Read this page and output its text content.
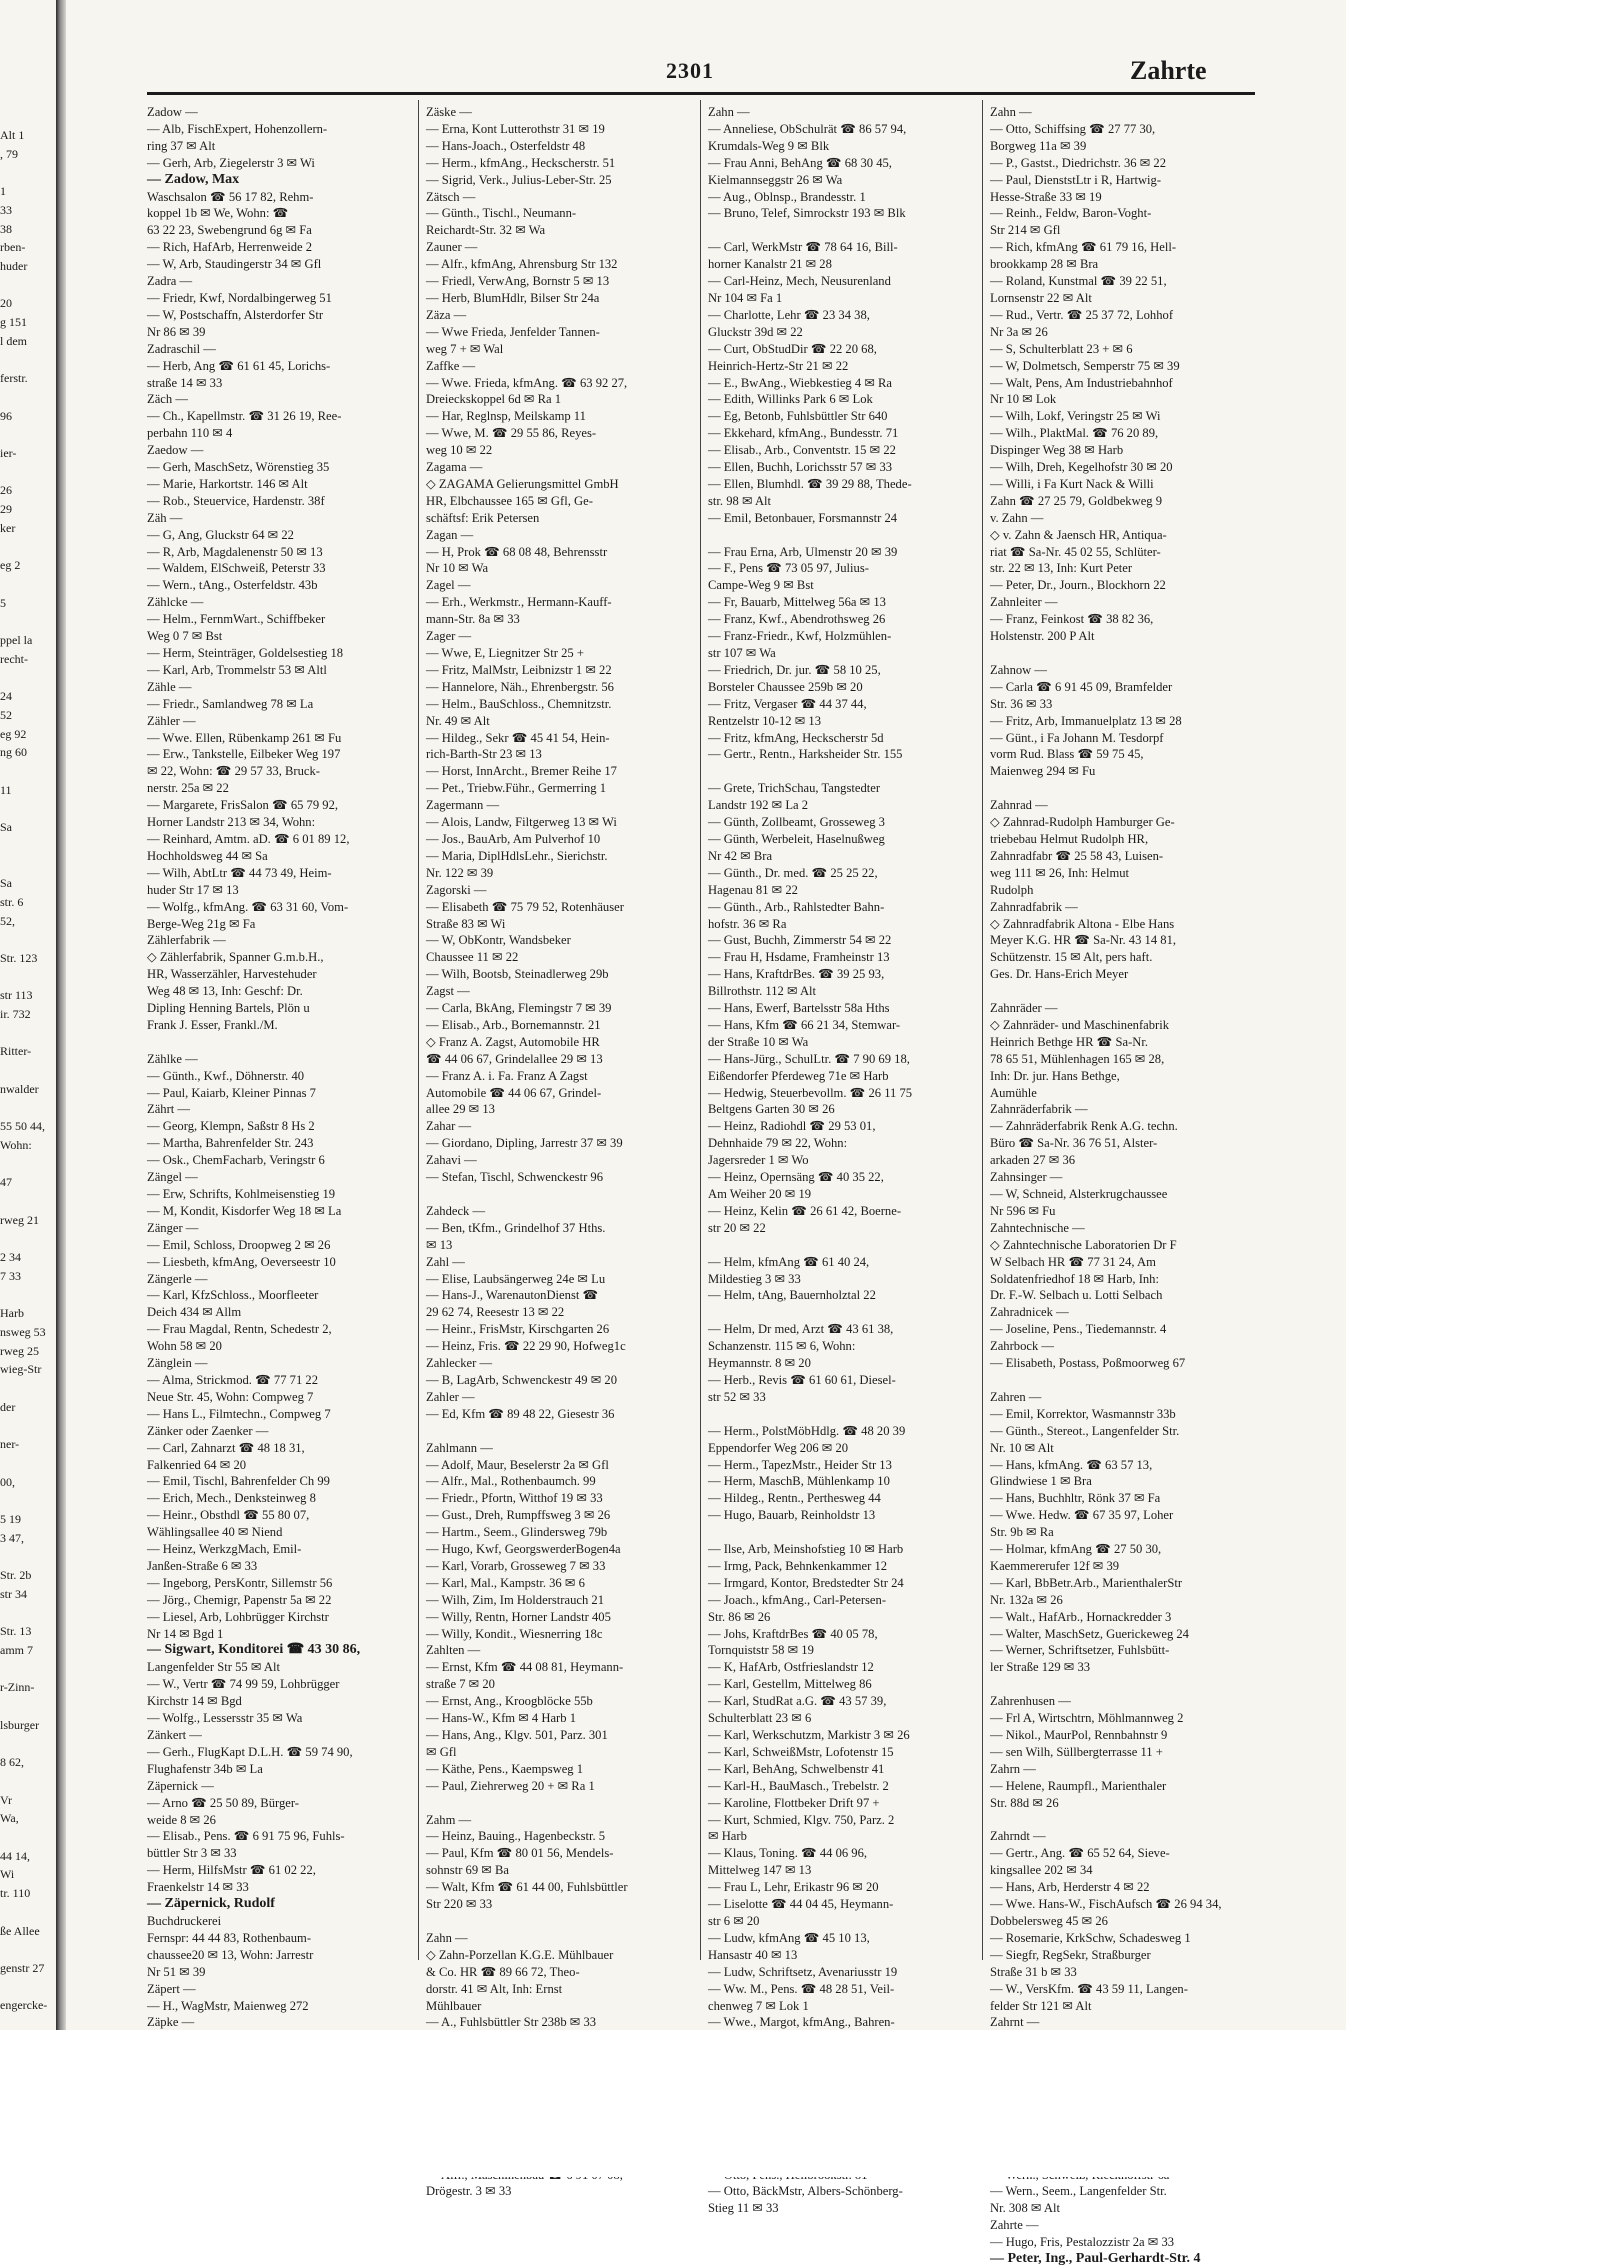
Alt 1
, 79

1
33
38
rben-
huder

20
g 151
l dem

ferstr.

96

ier-

26
29
ker

eg 2

5

ppel la
recht-

24
52
eg 92
ng 60

11

Sa

Sa
str. 6
52,

Str. 123

str 113
ir. 732

Ritter-

nwalder

55 50 44,
Wohn:

47

rweg 21

2 34
7 33

Harb
nsweg 53
rweg 25
wieg-Str

der

ner-

00,

5 19
3 47,

Str. 2b
str 34

Str. 13
amm 7

r-Zinn-

lsburger

8 62,

Vr
Wa,

44 14,
Wi
tr. 110

ße Allee

genstr 27

engercke-

2301	Zahrte
Zadow —
— Alb, FischExpert, Hohenzollern-
ring 37 ✉ Alt
— Gerh, Arb, Ziegelerstr 3 ✉ Wi
— Zadow, Max
Waschsalon ☎ 56 17 82, Rehm-
koppel 1b ✉ We, Wohn: ☎
63 22 23, Swebengrund 6g ✉ Fa
— Rich, HafArb, Herrenweide 2
— W, Arb, Staudingerstr 34 ✉ Gfl
Zadra —
— Friedr, Kwf, Nordalbingerweg 51
— W, Postschaffn, Alsterdorfer Str
Nr 86 ✉ 39
Zadraschil —
— Herb, Ang ☎ 61 61 45, Lorichs-
straße 14 ✉ 33
Zäch —
— Ch., Kapellmstr. ☎ 31 26 19, Ree-
perbahn 110 ✉ 4
Zaedow —
— Gerh, MaschSetz, Wörenstieg 35
— Marie, Harkortstr. 146 ✉ Alt
— Rob., Steuervice, Hardenstr. 38f
Zäh —
— G, Ang, Gluckstr 64 ✉ 22
— R, Arb, Magdalenenstr 50 ✉ 13
— Waldem, ElSchweiß, Peterstr 33
— Wern., tAng., Osterfeldstr. 43b
Zählcke —
— Helm., FernmWart., Schiffbeker
Weg 0 7 ✉ Bst
— Herm, Steinträger, Goldelsestieg 18
— Karl, Arb, Trommelstr 53 ✉ Altl
Zähle —
— Friedr., Samlandweg 78 ✉ La
Zähler —
— Wwe. Ellen, Rübenkamp 261 ✉ Fu
— Erw., Tankstelle, Eilbeker Weg 197
✉ 22, Wohn: ☎ 29 57 33, Bruck-
nerstr. 25a ✉ 22
— Margarete, FrisSalon ☎ 65 79 92,
Horner Landstr 213 ✉ 34, Wohn:
— Reinhard, Amtm. aD. ☎ 6 01 89 12,
Hochholdsweg 44 ✉ Sa
— Wilh, AbtLtr ☎ 44 73 49, Heim-
huder Str 17 ✉ 13
— Wolfg., kfmAng. ☎ 63 31 60, Vom-
Berge-Weg 21g ✉ Fa
Zählerfabrik —
◇ Zählerfabrik, Spanner G.m.b.H.,
HR, Wasserzähler, Harvestehuder
Weg 48 ✉ 13, Inh: Geschf: Dr.
Dipling Henning Bartels, Plön u
Frank J. Esser, Frankl./M.

Zählke —
— Günth., Kwf., Döhnerstr. 40
— Paul, Kaiarb, Kleiner Pinnas 7
Zährt —
— Georg, Klempn, Saßstr 8 Hs 2
— Martha, Bahrenfelder Str. 243
— Osk., ChemFacharb, Veringstr 6
Zängel —
— Erw, Schrifts, Kohlmeisenstieg 19
— M, Kondit, Kisdorfer Weg 18 ✉ La
Zänger —
— Emil, Schloss, Droopweg 2 ✉ 26
— Liesbeth, kfmAng, Oeverseestr 10
Zängerle —
— Karl, KfzSchloss., Moorfleeter
Deich 434 ✉ Allm
— Frau Magdal, Rentn, Schedestr 2,
Wohn 58 ✉ 20
Zänglein —
— Alma, Strickmod. ☎ 77 71 22
Neue Str. 45, Wohn: Compweg 7
— Hans L., Filmtechn., Compweg 7
Zänker oder Zaenker —
— Carl, Zahnarzt ☎ 48 18 31,
Falkenried 64 ✉ 20
— Emil, Tischl, Bahrenfelder Ch 99
— Erich, Mech., Denksteinweg 8
— Heinr., Obsthdl ☎ 55 80 07,
Wählingsallee 40 ✉ Niend
— Heinz, WerkzgMach, Emil-
Janßen-Straße 6 ✉ 33
— Ingeborg, PersKontr, Sillemstr 56
— Jörg., Chemigr, Papenstr 5a ✉ 22
— Liesel, Arb, Lohbrügger Kirchstr
Nr 14 ✉ Bgd 1
— Sigwart, Konditorei ☎ 43 30 86,
Langenfelder Str 55 ✉ Alt
— W., Vertr ☎ 74 99 59, Lohbrügger
Kirchstr 14 ✉ Bgd
— Wolfg., Lessersstr 35 ✉ Wa
Zänkert —
— Gerh., FlugKapt D.L.H. ☎ 59 74 90,
Flughafenstr 34b ✉ La
Zäpernick —
— Arno ☎ 25 50 89, Bürger-
weide 8 ✉ 26
— Elisab., Pens. ☎ 6 91 75 96, Fuhls-
büttler Str 3 ✉ 33
— Herm, HilfsMstr ☎ 61 02 22,
Fraenkelstr 14 ✉ 33
— Zäpernick, Rudolf
Buchdruckerei
Fernspr: 44 44 83, Rothenbaum-
chaussee20 ✉ 13, Wohn: Jarrestr
Nr 51 ✉ 39
Zäpert —
— H., WagMstr, Maienweg 272
Zäpke —
Zäske —
— Erna, Kont Lutterothstr 31 ✉ 19
— Hans-Joach., Osterfeldstr 48
— Herm., kfmAng., Heckscherstr. 51
— Sigrid, Verk., Julius-Leber-Str. 25
Zätsch —
— Günth., Tischl., Neumann-
Reichardt-Str. 32 ✉ Wa
Zauner —
— Alfr., kfmAng, Ahrensburg Str 132
— Friedl, VerwAng, Bornstr 5 ✉ 13
— Herb, BlumHdlr, Bilser Str 24a
Zäza —
— Wwe Frieda, Jenfelder Tannen-
weg 7 + ✉ Wal
Zaffke —
— Wwe. Frieda, kfmAng. ☎ 63 92 27,
Dreieckskoppel 6d ✉ Ra 1
— Har, Reglnsp, Meilskamp 11
— Wwe, M. ☎ 29 55 86, Reyes-
weg 10 ✉ 22
Zagama —
◇ ZAGAMA Gelierungsmittel GmbH
HR, Elbchaussee 165 ✉ Gfl, Ge-
schäftsf: Erik Petersen
Zagan —
— H, Prok ☎ 68 08 48, Behrensstr
Nr 10 ✉ Wa
Zagel —
— Erh., Werkmstr., Hermann-Kauff-
mann-Str. 8a ✉ 33
Zager —
— Wwe, E, Liegnitzer Str 25 +
— Fritz, MalMstr, Leibnizstr 1 ✉ 22
— Hannelore, Näh., Ehrenbergstr. 56
— Helm., BauSchloss., Chemnitzstr.
Nr. 49 ✉ Alt
— Hildeg., Sekr ☎ 45 41 54, Hein-
rich-Barth-Str 23 ✉ 13
— Horst, InnArcht., Bremer Reihe 17
— Pet., Triebw.Führ., Germerring 1
Zagermann —
— Alois, Landw, Filtgerweg 13 ✉ Wi
— Jos., BauArb, Am Pulverhof 10
— Maria, DiplHdlsLehr., Sierichstr.
Nr. 122 ✉ 39
Zagorski —
— Elisabeth ☎ 75 79 52, Rotenhäuser
Straße 83 ✉ Wi
— W, ObKontr, Wandsbeker
Chaussee 11 ✉ 22
— Wilh, Bootsb, Steinadlerweg 29b
Zagst —
— Carla, BkAng, Flemingstr 7 ✉ 39
— Elisab., Arb., Bornemannstr. 21
◇ Franz A. Zagst, Automobile HR
☎ 44 06 67, Grindelallee 29 ✉ 13
— Franz A. i. Fa. Franz A Zagst
Automobile ☎ 44 06 67, Grindel-
allee 29 ✉ 13
Zahar —
— Giordano, Dipling, Jarrestr 37 ✉ 39
Zahavi —
— Stefan, Tischl, Schwenckestr 96

Zahdeck —
— Ben, tKfm., Grindelhof 37 Hths.
✉ 13
Zahl —
— Elise, Laubsängerweg 24e ✉ Lu
— Hans-J., WarenautonDienst ☎
29 62 74, Reesestr 13 ✉ 22
— Heinr., FrisMstr, Kirschgarten 26
— Heinz, Fris. ☎ 22 29 90, Hofweg1c
Zahlecker —
— B, LagArb, Schwenckestr 49 ✉ 20
Zahler —
— Ed, Kfm ☎ 89 48 22, Giesestr 36

Zahlmann —
— Adolf, Maur, Beselerstr 2a ✉ Gfl
— Alfr., Mal., Rothenbaumch. 99
— Friedr., Pfortn, Witthof 19 ✉ 33
— Gust., Dreh, Rumpffsweg 3 ✉ 26
— Hartm., Seem., Glindersweg 79b
— Hugo, Kwf, GeorgswerderBogen4a
— Karl, Vorarb, Grosseweg 7 ✉ 33
— Karl, Mal., Kampstr. 36 ✉ 6
— Wilh, Zim, Im Holderstrauch 21
— Willy, Rentn, Horner Landstr 405
— Willy, Kondit., Wiesnerring 18c
Zahlten —
— Ernst, Kfm ☎ 44 08 81, Heymann-
straße 7 ✉ 20
— Ernst, Ang., Kroogblöcke 55b
— Hans-W., Kfm ✉ 4 Harb 1
— Hans, Ang., Klgv. 501, Parz. 301
✉ Gfl
— Käthe, Pens., Kaempsweg 1
— Paul, Ziehrerweg 20 + ✉ Ra 1

Zahm —
— Heinz, Bauing., Hagenbeckstr. 5
— Paul, Kfm ☎ 80 01 56, Mendels-
sohnstr 69 ✉ Ba
— Walt, Kfm ☎ 61 44 00, Fuhlsbüttler
Str 220 ✉ 33

Zahn —
◇ Zahn-Porzellan K.G.E. Mühlbauer
& Co. HR ☎ 89 66 72, Theo-
dorstr. 41 ✉ Alt, Inh: Ernst
Mühlbauer
— A., Fuhlsbüttler Str 238b ✉ 33
Drögestr. 3 ✉ 33
Zahn —
— Anneliese, ObSchulrät ☎ 86 57 94,
Krumdals-Weg 9 ✉ Blk
— Frau Anni, BehAng ☎ 68 30 45,
Kielmannseggstr 26 ✉ Wa
— Aug., Oblnsp., Brandesstr. 1
— Bruno, Telef, Simrockstr 193 ✉ Blk

— Carl, WerkMstr ☎ 78 64 16, Bill-
horner Kanalstr 21 ✉ 28
— Carl-Heinz, Mech, Neusurenland
Nr 104 ✉ Fa 1
— Charlotte, Lehr ☎ 23 34 38,
Gluckstr 39d ✉ 22
— Curt, ObStudDir ☎ 22 20 68,
Heinrich-Hertz-Str 21 ✉ 22
— E., BwAng., Wiebkestieg 4 ✉ Ra
— Edith, Willinks Park 6 ✉ Lok
— Eg, Betonb, Fuhlsbüttler Str 640
— Ekkehard, kfmAng., Bundesstr. 71
— Elisab., Arb., Conventstr. 15 ✉ 22
— Ellen, Buchh, Lorichsstr 57 ✉ 33
— Ellen, Blumhdl. ☎ 39 29 88, Thede-
str. 98 ✉ Alt
— Emil, Betonbauer, Forsmannstr 24

— Frau Erna, Arb, Ulmenstr 20 ✉ 39
— F., Pens ☎ 73 05 97, Julius-
Campe-Weg 9 ✉ Bst
— Fr, Bauarb, Mittelweg 56a ✉ 13
— Franz, Kwf., Abendrothsweg 26
— Franz-Friedr., Kwf, Holzmühlen-
str 107 ✉ Wa
— Friedrich, Dr. jur. ☎ 58 10 25,
Borsteler Chaussee 259b ✉ 20
— Fritz, Vergaser ☎ 44 37 44,
Rentzelstr 10-12 ✉ 13
— Fritz, kfmAng, Heckscherstr 5d
— Gertr., Rentn., Harksheider Str. 155

— Grete, TrichSchau, Tangstedter
Landstr 192 ✉ La 2
— Günth, Zollbeamt, Grosseweg 3
— Günth, Werbeleit, Haselnußweg
Nr 42 ✉ Bra
— Günth., Dr. med. ☎ 25 25 22,
Hagenau 81 ✉ 22
— Günth., Arb., Rahlstedter Bahn-
hofstr. 36 ✉ Ra
— Gust, Buchh, Zimmerstr 54 ✉ 22
— Frau H, Hsdame, Framheinstr 13
— Hans, KraftdrBes. ☎ 39 25 93,
Billrothstr. 112 ✉ Alt
— Hans, Ewerf, Bartelsstr 58a Hths
— Hans, Kfm ☎ 66 21 34, Stemwar-
der Straße 10 ✉ Wa
— Hans-Jürg., SchulLtr. ☎ 7 90 69 18,
Eißendorfer Pferdeweg 71e ✉ Harb
— Hedwig, Steuerbevollm. ☎ 26 11 75
Beltgens Garten 30 ✉ 26
— Heinz, Radiohdl ☎ 29 53 01,
Dehnhaide 79 ✉ 22, Wohn:
Jagersreder 1 ✉ Wo
— Heinz, Opernsäng ☎ 40 35 22,
Am Weiher 20 ✉ 19
— Heinz, Kelin ☎ 26 61 42, Boerne-
str 20 ✉ 22

— Helm, kfmAng ☎ 61 40 24,
Mildestieg 3 ✉ 33
— Helm, tAng, Bauernholztal 22

— Helm, Dr med, Arzt ☎ 43 61 38,
Schanzenstr. 115 ✉ 6, Wohn:
Heymannstr. 8 ✉ 20
— Herb., Revis ☎ 61 60 61, Diesel-
str 52 ✉ 33

— Herm., PolstMöbHdlg. ☎ 48 20 39
Eppendorfer Weg 206 ✉ 20
— Herm., TapezMstr., Heider Str 13
— Herm, MaschB, Mühlenkamp 10
— Hildeg., Rentn., Perthesweg 44
— Hugo, Bauarb, Reinholdstr 13

— Ilse, Arb, Meinshofstieg 10 ✉ Harb
— Irmg, Pack, Behnkenkammer 12
— Irmgard, Kontor, Bredstedter Str 24
— Joach., kfmAng., Carl-Petersen-
Str. 86 ✉ 26
— Johs, KraftdrBes ☎ 40 05 78,
Tornquiststr 58 ✉ 19
— K, HafArb, Ostfrieslandstr 12
— Karl, Gestellm, Mittelweg 86
— Karl, StudRat a.G. ☎ 43 57 39,
Schulterblatt 23 ✉ 6
— Karl, Werkschutzm, Markistr 3 ✉ 26
— Karl, SchweißMstr, Lofotenstr 15
— Karl, BehAng, Schwelbenstr 41
— Karl-H., BauMasch., Trebelstr. 2
— Karoline, Flottbeker Drift 97 +
— Kurt, Schmied, Klgv. 750, Parz. 2
✉ Harb
— Klaus, Toning. ☎ 44 06 96,
Mittelweg 147 ✉ 13
— Frau L, Lehr, Erikastr 96 ✉ 20
— Liselotte ☎ 44 04 45, Heymann-
str 6 ✉ 20
— Ludw, kfmAng ☎ 45 10 13,
Hansastr 40 ✉ 13
— Ludw, Schriftsetz, Avenariusstr 19
— Ww. M., Pens. ☎ 48 28 51, Veil-
chenweg 7 ✉ Lok 1
— Wwe., Margot, kfmAng., Bahren-
— Otto, BäckMstr, Albers-Schönberg-
Stieg 11 ✉ 33
Zahn —
— Otto, Schiffsing ☎ 27 77 30,
Borgweg 11a ✉ 39
— P., Gastst., Diedrichstr. 36 ✉ 22
— Paul, DienststLtr i R, Hartwig-
Hesse-Straße 33 ✉ 19
— Reinh., Feldw, Baron-Voght-
Str 214 ✉ Gfl
— Rich, kfmAng ☎ 61 79 16, Hell-
brookkamp 28 ✉ Bra
— Roland, Kunstmal ☎ 39 22 51,
Lornsenstr 22 ✉ Alt
— Rud., Vertr. ☎ 25 37 72, Lohhof
Nr 3a ✉ 26
— S, Schulterblatt 23 + ✉ 6
— W, Dolmetsch, Semperstr 75 ✉ 39
— Walt, Pens, Am Industriebahnhof
Nr 10 ✉ Lok
— Wilh, Lokf, Veringstr 25 ✉ Wi
— Wilh., PlaktMal. ☎ 76 20 89,
Dispinger Weg 38 ✉ Harb
— Wilh, Dreh, Kegelhofstr 30 ✉ 20
— Willi, i Fa Kurt Nack & Willi
Zahn ☎ 27 25 79, Goldbekweg 9
v. Zahn —
◇ v. Zahn & Jaensch HR, Antiqua-
riat ☎ Sa-Nr. 45 02 55, Schlüter-
str. 22 ✉ 13, Inh: Kurt Peter
— Peter, Dr., Journ., Blockhorn 22
Zahnleiter —
— Franz, Feinkost ☎ 38 82 36,
Holstenstr. 200 P Alt

Zahnow —
— Carla ☎ 6 91 45 09, Bramfelder
Str. 36 ✉ 33
— Fritz, Arb, Immanuelplatz 13 ✉ 28
— Günt., i Fa Johann M. Tesdorpf
vorm Rud. Blass ☎ 59 75 45,
Maienweg 294 ✉ Fu

Zahnrad —
◇ Zahnrad-Rudolph Hamburger Ge-
triebebau Helmut Rudolph HR,
Zahnradfabr ☎ 25 58 43, Luisen-
weg 111 ✉ 26, Inh: Helmut
Rudolph
Zahnradfabrik —
◇ Zahnradfabrik Altona - Elbe Hans
Meyer K.G. HR ☎ Sa-Nr. 43 14 81,
Schützenstr. 15 ✉ Alt, pers haft.
Ges. Dr. Hans-Erich Meyer

Zahnräder —
◇ Zahnräder- und Maschinenfabrik
Heinrich Bethge HR ☎ Sa-Nr.
78 65 51, Mühlenhagen 165 ✉ 28,
Inh: Dr. jur. Hans Bethge,
Aumühle
Zahnräderfabrik —
— Zahnräderfabrik Renk A.G. techn.
Büro ☎ Sa-Nr. 36 76 51, Alster-
arkaden 27 ✉ 36
Zahnsinger —
— W, Schneid, Alsterkrugchaussee
Nr 596 ✉ Fu
Zahntechnische —
◇ Zahntechnische Laboratorien Dr F
W Selbach HR ☎ 77 31 24, Am
Soldatenfriedhof 18 ✉ Harb, Inh:
Dr. F.-W. Selbach u. Lotti Selbach
Zahradnicek —
— Joseline, Pens., Tiedemannstr. 4
Zahrbock —
— Elisabeth, Postass, Poßmoorweg 67

Zahren —
— Emil, Korrektor, Wasmannstr 33b
— Günth., Stereot., Langenfelder Str.
Nr. 10 ✉ Alt
— Hans, kfmAng. ☎ 63 57 13,
Glindwiese 1 ✉ Bra
— Hans, Buchhltr, Rönk 37 ✉ Fa
— Wwe. Hedw. ☎ 67 35 97, Loher
Str. 9b ✉ Ra
— Holmar, kfmAng ☎ 27 50 30,
Kaemmererufer 12f ✉ 39
— Karl, BbBetr.Arb., MarienthalerStr
Nr. 132a ✉ 26
— Walt., HafArb., Hornackredder 3
— Walter, MaschSetz, Guerickeweg 24
— Werner, Schriftsetzer, Fuhlsbütt-
ler Straße 129 ✉ 33

Zahrenhusen —
— Frl A, Wirtschtrn, Möhlmannweg 2
— Nikol., MaurPol, Rennbahnstr 9
— sen Wilh, Süllbergterrasse 11 +
Zahrn —
— Helene, Raumpfl., Marienthaler
Str. 88d ✉ 26

Zahrndt —
— Gertr., Ang. ☎ 65 52 64, Sieve-
kingsallee 202 ✉ 34
— Hans, Arb, Herderstr 4 ✉ 22
— Wwe. Hans-W., FischAufsch ☎ 26 94 34,
Dobbelersweg 45 ✉ 26
— Rosemarie, KrkSchw, Schadesweg 1
— Siegfr, RegSekr, Straßburger
Straße 31 b ✉ 33
— W., VersKfm. ☎ 43 59 11, Langen-
felder Str 121 ✉ Alt
Zahrnt —

— Wern., Seem., Langenfelder Str.
Nr. 308 ✉ Alt
Zahrte —
— Hugo, Fris, Pestalozzistr 2a ✉ 33
— Peter, Ing., Paul-Gerhardt-Str. 4
